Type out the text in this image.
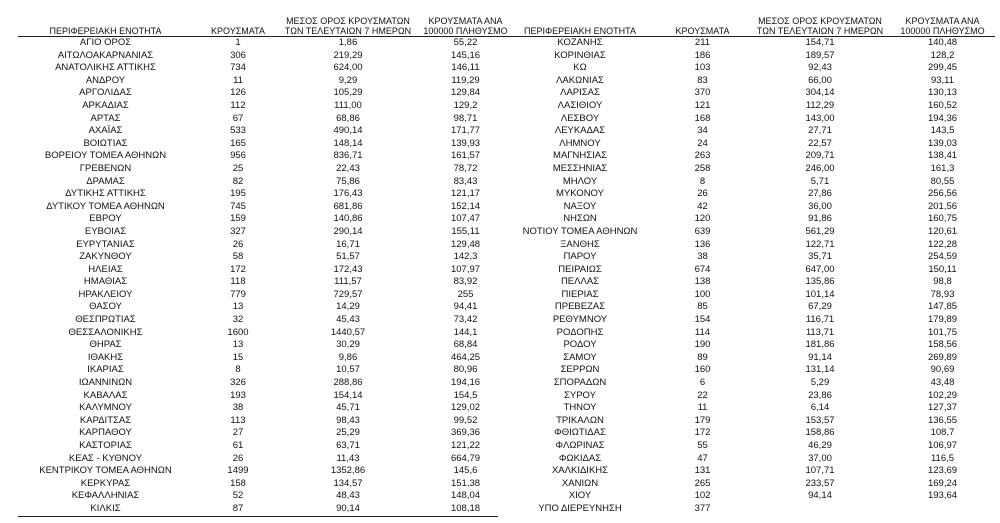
ΠΕΡΙΦΕΡΕΙΑΚΗ ΕΝΟΤΗΤΑ	ΚΡΟΥΣΜΑΤΑ	ΜΕΣΟΣ ΟΡΟΣ ΚΡΟΥΣΜΑΤΩΝ ΤΩΝ ΤΕΛΕΥΤΑΙΩΝ 7 ΗΜΕΡΩΝ	ΚΡΟΥΣΜΑΤΑ ΑΝΑ 100000 ΠΛΗΘΥΣΜΟ
ΑΓΙΟ ΟΡΟΣ	1	1,86	55,22
ΑΙΤΩΛΟΑΚΑΡΝΑΝΙΑΣ	306	219,29	145,16
ΑΝΑΤΟΛΙΚΗΣ ΑΤΤΙΚΗΣ	734	624,00	146,11
ΑΝΔΡΟΥ	11	9,29	119,29
ΑΡΓΟΛΙΔΑΣ	126	105,29	129,84
ΑΡΚΑΔΙΑΣ	112	111,00	129,2
ΑΡΤΑΣ	67	68,86	98,71
ΑΧΑΪΑΣ	533	490,14	171,77
ΒΟΙΩΤΙΑΣ	165	148,14	139,93
ΒΟΡΕΙΟΥ ΤΟΜΕΑ ΑΘΗΝΩΝ	956	836,71	161,57
ΓΡΕΒΕΝΩΝ	25	22,43	78,72
ΔΡΑΜΑΣ	82	75,86	83,43
ΔΥΤΙΚΗΣ ΑΤΤΙΚΗΣ	195	176,43	121,17
ΔΥΤΙΚΟΥ ΤΟΜΕΑ ΑΘΗΝΩΝ	745	681,86	152,14
ΕΒΡΟΥ	159	140,86	107,47
ΕΥΒΟΙΑΣ	327	290,14	155,11
ΕΥΡΥΤΑΝΙΑΣ	26	16,71	129,48
ΖΑΚΥΝΘΟΥ	58	51,57	142,3
ΗΛΕΙΑΣ	172	172,43	107,97
ΗΜΑΘΙΑΣ	118	111,57	83,92
ΗΡΑΚΛΕΙΟΥ	779	729,57	255
ΘΑΣΟΥ	13	14,29	94,41
ΘΕΣΠΡΩΤΙΑΣ	32	45,43	73,42
ΘΕΣΣΑΛΟΝΙΚΗΣ	1600	1440,57	144,1
ΘΗΡΑΣ	13	30,29	68,84
ΙΘΑΚΗΣ	15	9,86	464,25
ΙΚΑΡΙΑΣ	8	10,57	80,96
ΙΩΑΝΝΙΝΩΝ	326	288,86	194,16
ΚΑΒΑΛΑΣ	193	154,14	154,5
ΚΑΛΥΜΝΟΥ	38	45,71	129,02
ΚΑΡΔΙΤΣΑΣ	113	98,43	99,52
ΚΑΡΠΑΘΟΥ	27	25,29	369,36
ΚΑΣΤΟΡΙΑΣ	61	63,71	121,22
ΚΕΑΣ - ΚΥΘΝΟΥ	26	11,43	664,79
ΚΕΝΤΡΙΚΟΥ ΤΟΜΕΑ ΑΘΗΝΩΝ	1499	1352,86	145,6
ΚΕΡΚΥΡΑΣ	158	134,57	151,38
ΚΕΦΑΛΛΗΝΙΑΣ	52	48,43	148,04
ΚΙΛΚΙΣ	87	90,14	108,18
ΠΕΡΙΦΕΡΕΙΑΚΗ ΕΝΟΤΗΤΑ	ΚΡΟΥΣΜΑΤΑ	ΜΕΣΟΣ ΟΡΟΣ ΚΡΟΥΣΜΑΤΩΝ ΤΩΝ ΤΕΛΕΥΤΑΙΩΝ 7 ΗΜΕΡΩΝ	ΚΡΟΥΣΜΑΤΑ ΑΝΑ 100000 ΠΛΗΘΥΣΜΟ
ΚΟΖΑΝΗΣ	211	154,71	140,48
ΚΟΡΙΝΘΙΑΣ	186	189,57	128,2
ΚΩ	103	92,43	299,45
ΛΑΚΩΝΙΑΣ	83	66,00	93,11
ΛΑΡΙΣΑΣ	370	304,14	130,13
ΛΑΣΙΘΙΟΥ	121	112,29	160,52
ΛΕΣΒΟΥ	168	143,00	194,36
ΛΕΥΚΑΔΑΣ	34	27,71	143,5
ΛΗΜΝΟΥ	24	22,57	139,03
ΜΑΓΝΗΣΙΑΣ	263	209,71	138,41
ΜΕΣΣΗΝΙΑΣ	258	246,00	161,3
ΜΗΛΟΥ	8	5,71	80,55
ΜΥΚΟΝΟΥ	26	27,86	256,56
ΝΑΞΟΥ	42	36,00	201,56
ΝΗΣΩΝ	120	91,86	160,75
ΝΟΤΙΟΥ ΤΟΜΕΑ ΑΘΗΝΩΝ	639	561,29	120,61
ΞΑΝΘΗΣ	136	122,71	122,28
ΠΑΡΟΥ	38	35,71	254,59
ΠΕΙΡΑΙΩΣ	674	647,00	150,11
ΠΕΛΛΑΣ	138	135,86	98,8
ΠΙΕΡΙΑΣ	100	101,14	78,93
ΠΡΕΒΕΖΑΣ	85	67,29	147,85
ΡΕΘΥΜΝΟΥ	154	116,71	179,89
ΡΟΔΟΠΗΣ	114	113,71	101,75
ΡΟΔΟΥ	190	181,86	158,56
ΣΑΜΟΥ	89	91,14	269,89
ΣΕΡΡΩΝ	160	131,14	90,69
ΣΠΟΡΑΔΩΝ	6	5,29	43,48
ΣΥΡΟΥ	22	23,86	102,29
ΤΗΝΟΥ	11	6,14	127,37
ΤΡΙΚΑΛΩΝ	179	153,57	136,55
ΦΘΙΩΤΙΔΑΣ	172	158,86	108,7
ΦΛΩΡΙΝΑΣ	55	46,29	106,97
ΦΩΚΙΔΑΣ	47	37,00	116,5
ΧΑΛΚΙΔΙΚΗΣ	131	107,71	123,69
ΧΑΝΙΩΝ	265	233,57	169,24
ΧΙΟΥ	102	94,14	193,64
ΥΠΟ ΔΙΕΡΕΥΝΗΣΗ	377		
